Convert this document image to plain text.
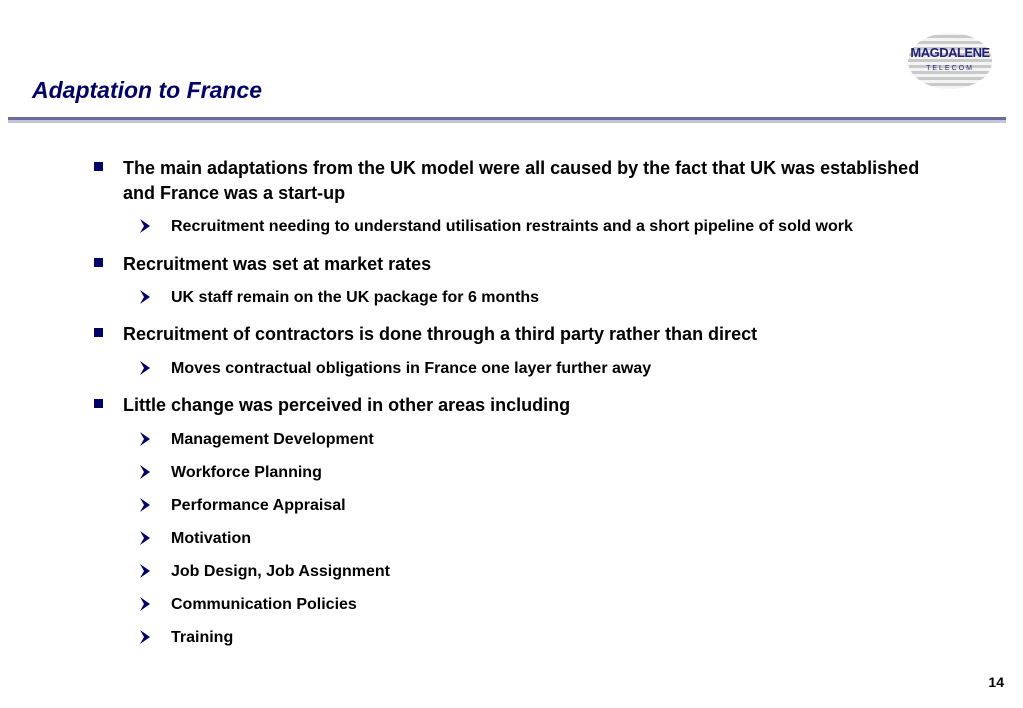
Adaptation to France
MAGDALENE
TELECOM
The main adaptations from the UK model were all caused by the fact that UK was established and France was a start-up
Recruitment needing to understand utilisation restraints and a short pipeline of sold work
Recruitment was set at market rates
UK staff remain on the UK package for 6 months
Recruitment of contractors is done through a third party rather than direct
Moves contractual obligations in France one layer further away
Little change was perceived in other areas including
Management Development
Workforce Planning
Performance Appraisal
Motivation
Job Design, Job Assignment
Communication Policies
Training
14
